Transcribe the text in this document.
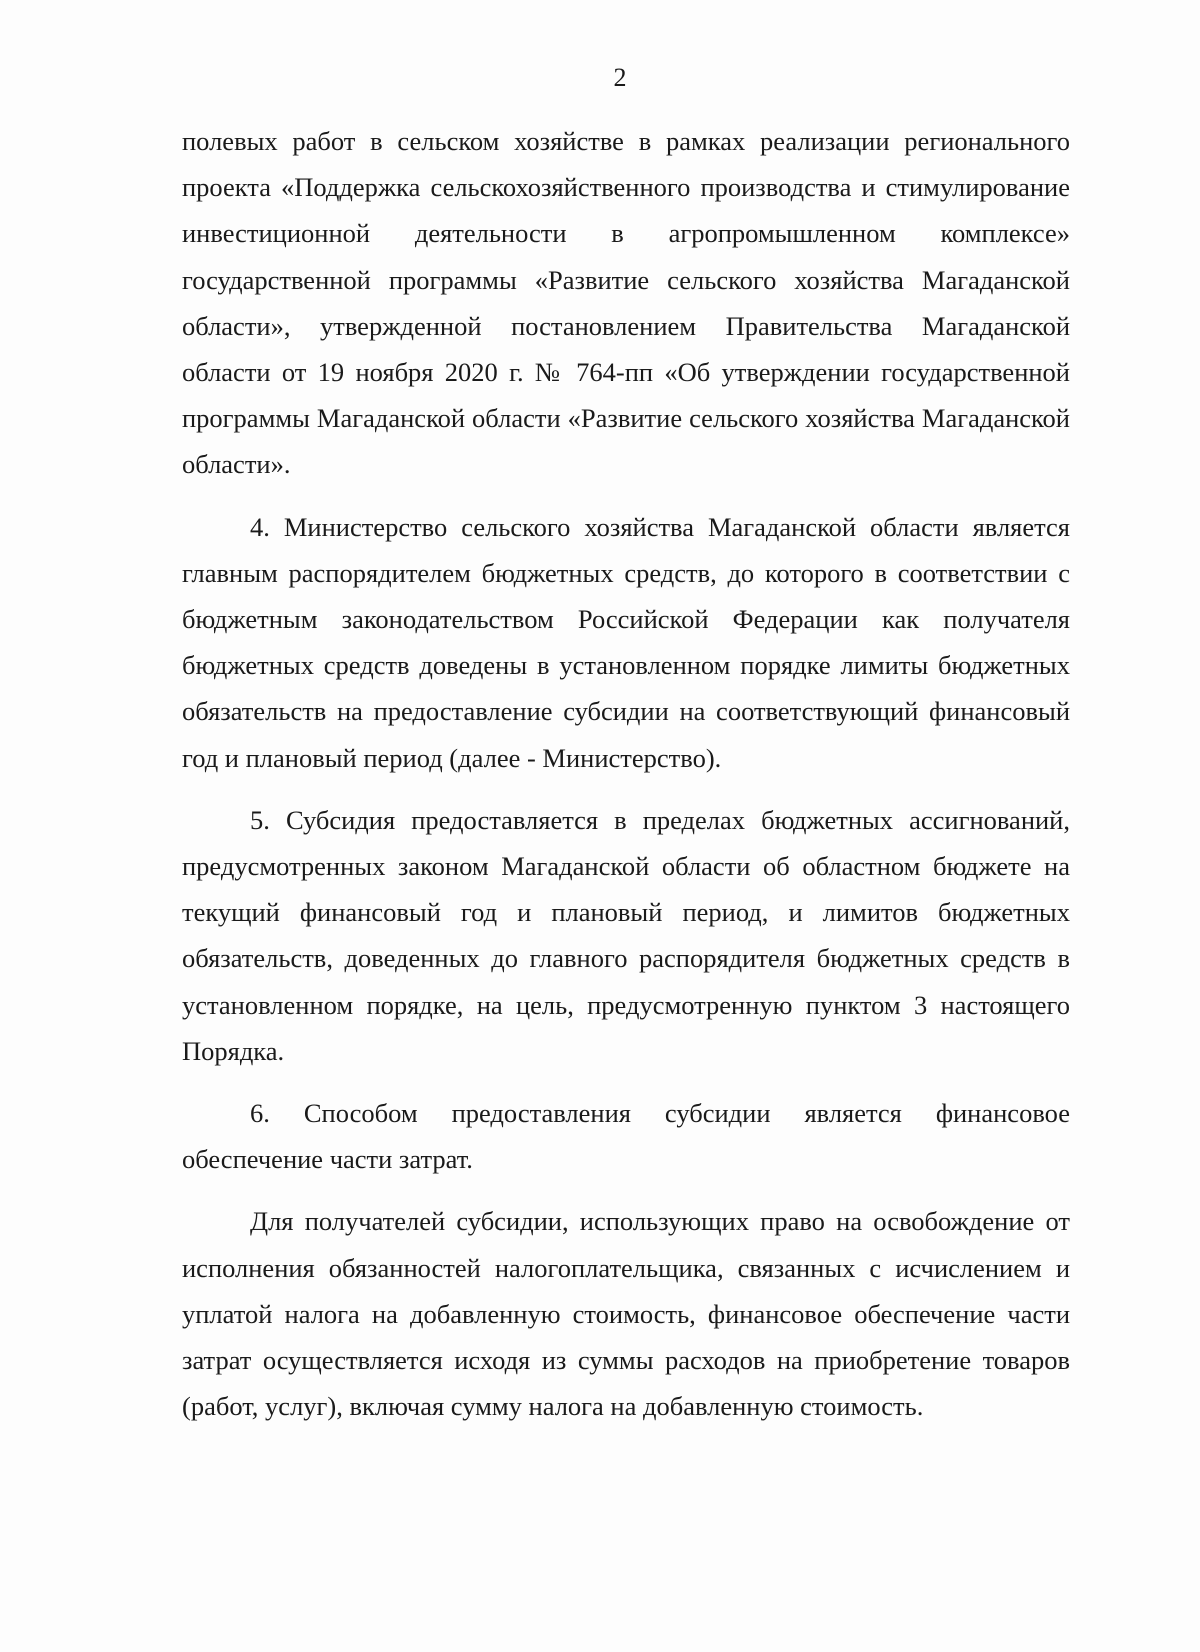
2

полевых работ в сельском хозяйстве в рамках реализации регионального проекта «Поддержка сельскохозяйственного производства и стимулирование инвестиционной деятельности в агропромышленном комплексе» государственной программы «Развитие сельского хозяйства Магаданской области», утвержденной постановлением Правительства Магаданской области от 19 ноября 2020 г. № 764-пп «Об утверждении государственной программы Магаданской области «Развитие сельского хозяйства Магаданской области».

4. Министерство сельского хозяйства Магаданской области является главным распорядителем бюджетных средств, до которого в соответствии с бюджетным законодательством Российской Федерации как получателя бюджетных средств доведены в установленном порядке лимиты бюджетных обязательств на предоставление субсидии на соответствующий финансовый год и плановый период (далее - Министерство).

5. Субсидия предоставляется в пределах бюджетных ассигнований, предусмотренных законом Магаданской области об областном бюджете на текущий финансовый год и плановый период, и лимитов бюджетных обязательств, доведенных до главного распорядителя бюджетных средств в установленном порядке, на цель, предусмотренную пунктом 3 настоящего Порядка.

6. Способом предоставления субсидии является финансовое обеспечение части затрат.

Для получателей субсидии, использующих право на освобождение от исполнения обязанностей налогоплательщика, связанных с исчислением и уплатой налога на добавленную стоимость, финансовое обеспечение части затрат осуществляется исходя из суммы расходов на приобретение товаров (работ, услуг), включая сумму налога на добавленную стоимость.
